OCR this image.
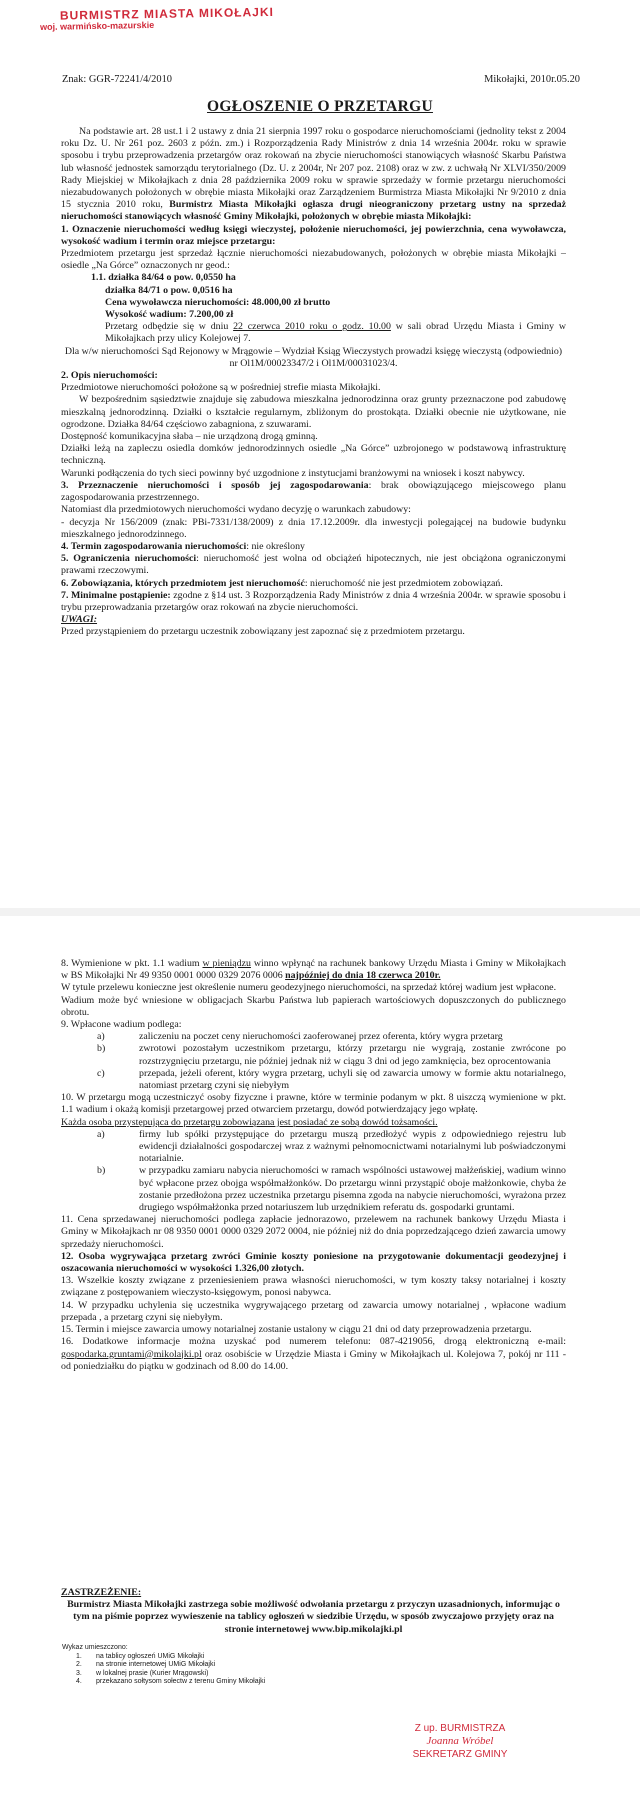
BURMISTRZ MIASTA MIKOŁAJKI
woj. warmińsko-mazurskie
Znak: GGR-72241/4/2010	Mikołajki, 2010r.05.20
OGŁOSZENIE O PRZETARGU

Na podstawie art. 28 ust.1 i 2 ustawy z dnia 21 sierpnia 1997 roku o gospodarce nieruchomościami (jednolity tekst z 2004 roku Dz. U. Nr 261 poz. 2603 z późn. zm.) i Rozporządzenia Rady Ministrów z dnia 14 września 2004r. roku w sprawie sposobu i trybu przeprowadzenia przetargów oraz rokowań na zbycie nieruchomości stanowiących własność Skarbu Państwa lub własność jednostek samorządu terytorialnego (Dz. U. z 2004r, Nr 207 poz. 2108) oraz w zw. z uchwałą Nr XLVI/350/2009 Rady Miejskiej w Mikołajkach z dnia 28 października 2009 roku w sprawie sprzedaży w formie przetargu nieruchomości niezabudowanych położonych w obrębie miasta Mikołajki oraz Zarządzeniem Burmistrza Miasta Mikołajki Nr 9/2010 z dnia 15 stycznia 2010 roku, Burmistrz Miasta Mikołajki ogłasza drugi nieograniczony przetarg ustny na sprzedaż nieruchomości stanowiących własność Gminy Mikołajki, położonych w obrębie miasta Mikołajki:

1. Oznaczenie nieruchomości według księgi wieczystej, położenie nieruchomości, jej powierzchnia, cena wywoławcza, wysokość wadium i termin oraz miejsce przetargu:

Przedmiotem przetargu jest sprzedaż łącznie nieruchomości niezabudowanych, położonych w obrębie miasta Mikołajki – osiedle „Na Górce” oznaczonych nr geod.:

1.1. działka 84/64 o pow. 0,0550 ha

działka 84/71 o pow. 0,0516 ha

Cena wywoławcza nieruchomości: 48.000,00 zł brutto

Wysokość wadium: 7.200,00 zł

Przetarg odbędzie się w dniu 22 czerwca 2010 roku o godz. 10.00 w sali obrad Urzędu Miasta i Gminy w Mikołajkach przy ulicy Kolejowej 7.

Dla w/w nieruchomości Sąd Rejonowy w Mrągowie – Wydział Ksiąg Wieczystych prowadzi księgę wieczystą (odpowiednio) nr Ol1M/00023347/2 i Ol1M/00031023/4.

2. Opis nieruchomości:

Przedmiotowe nieruchomości położone są w pośredniej strefie miasta Mikołajki.

W bezpośrednim sąsiedztwie znajduje się zabudowa mieszkalna jednorodzinna oraz grunty przeznaczone pod zabudowę mieszkalną jednorodzinną. Działki o kształcie regularnym, zbliżonym do prostokąta. Działki obecnie nie użytkowane, nie ogrodzone. Działka 84/64 częściowo zabagniona, z szuwarami.

Dostępność komunikacyjna słaba – nie urządzoną drogą gminną.

Działki leżą na zapleczu osiedla domków jednorodzinnych osiedle „Na Górce” uzbrojonego w podstawową infrastrukturę techniczną.

Warunki podłączenia do tych sieci powinny być uzgodnione z instytucjami branżowymi na wniosek i koszt nabywcy.

3. Przeznaczenie nieruchomości i sposób jej zagospodarowania: brak obowiązującego miejscowego planu zagospodarowania przestrzennego.

Natomiast dla przedmiotowych nieruchomości wydano decyzję o warunkach zabudowy:

- decyzja Nr 156/2009 (znak: PBi-7331/138/2009) z dnia 17.12.2009r. dla inwestycji polegającej na budowie budynku mieszkalnego jednorodzinnego.

4. Termin zagospodarowania nieruchomości: nie określony

5. Ograniczenia nieruchomości: nieruchomość jest wolna od obciążeń hipotecznych, nie jest obciążona ograniczonymi prawami rzeczowymi.

6. Zobowiązania, których przedmiotem jest nieruchomość: nieruchomość nie jest przedmiotem zobowiązań.

7. Minimalne postąpienie: zgodne z §14 ust. 3 Rozporządzenia Rady Ministrów z dnia 4 września 2004r. w sprawie sposobu i trybu przeprowadzania przetargów oraz rokowań na zbycie nieruchomości.

UWAGI:

Przed przystąpieniem do przetargu uczestnik zobowiązany jest zapoznać się z przedmiotem przetargu.

8. Wymienione w pkt. 1.1 wadium w pieniądzu winno wpłynąć na rachunek bankowy Urzędu Miasta i Gminy w Mikołajkach w BS Mikołajki Nr 49 9350 0001 0000 0329 2076 0006 najpóźniej do dnia 18 czerwca 2010r.

W tytule przelewu konieczne jest określenie numeru geodezyjnego nieruchomości, na sprzedaż której wadium jest wpłacone.

Wadium może być wniesione w obligacjach Skarbu Państwa lub papierach wartościowych dopuszczonych do publicznego obrotu.

9. Wpłacone wadium podlega:

a)	zaliczeniu na poczet ceny nieruchomości zaoferowanej przez oferenta, który wygra przetarg
b)	zwrotowi pozostałym uczestnikom przetargu, którzy przetargu nie wygrają, zostanie zwrócone po rozstrzygnięciu przetargu, nie później jednak niż w ciągu 3 dni od jego zamknięcia, bez oprocentowania
c)	przepada, jeżeli oferent, który wygra przetarg, uchyli się od zawarcia umowy w formie aktu notarialnego, natomiast przetarg czyni się niebyłym

10. W przetargu mogą uczestniczyć osoby fizyczne i prawne, które w terminie podanym w pkt. 8 uiszczą wymienione w pkt. 1.1 wadium i okażą komisji przetargowej przed otwarciem przetargu, dowód potwierdzający jego wpłatę.

Każda osoba przystępująca do przetargu zobowiązana jest posiadać ze sobą dowód tożsamości.

a)	firmy lub spółki przystępujące do przetargu muszą przedłożyć wypis z odpowiedniego rejestru lub ewidencji działalności gospodarczej wraz z ważnymi pełnomocnictwami notarialnymi lub poświadczonymi notarialnie.
b)	w przypadku zamiaru nabycia nieruchomości w ramach wspólności ustawowej małżeńskiej, wadium winno być wpłacone przez obojga współmałżonków. Do przetargu winni przystąpić oboje małżonkowie, chyba że zostanie przedłożona przez uczestnika przetargu pisemna zgoda na nabycie nieruchomości, wyrażona przez drugiego współmałżonka przed notariuszem lub urzędnikiem referatu ds. gospodarki gruntami.

11. Cena sprzedawanej nieruchomości podlega zapłacie jednorazowo, przelewem na rachunek bankowy Urzędu Miasta i Gminy w Mikołajkach nr 08 9350 0001 0000 0329 2072 0004, nie później niż do dnia poprzedzającego dzień zawarcia umowy sprzedaży nieruchomości.

12. Osoba wygrywająca przetarg zwróci Gminie koszty poniesione na przygotowanie dokumentacji geodezyjnej i oszacowania nieruchomości w wysokości 1.326,00 złotych.

13. Wszelkie koszty związane z przeniesieniem prawa własności nieruchomości, w tym koszty taksy notarialnej i koszty związane z postępowaniem wieczysto-księgowym, ponosi nabywca.

14. W przypadku uchylenia się uczestnika wygrywającego przetarg od zawarcia umowy notarialnej , wpłacone wadium przepada , a przetarg czyni się niebyłym.

15. Termin i miejsce zawarcia umowy notarialnej zostanie ustalony w ciągu 21 dni od daty przeprowadzenia przetargu.

16. Dodatkowe informacje można uzyskać pod numerem telefonu: 087-4219056, drogą elektroniczną e-mail: gospodarka.gruntami@mikolajki.pl oraz osobiście w Urzędzie Miasta i Gminy w Mikołajkach ul. Kolejowa 7, pokój nr 111 - od poniedziałku do piątku w godzinach od 8.00 do 14.00.

ZASTRZEŻENIE:

Burmistrz Miasta Mikołajki zastrzega sobie możliwość odwołania przetargu z przyczyn uzasadnionych, informując o tym na piśmie poprzez wywieszenie na tablicy ogłoszeń w siedzibie Urzędu, w sposób zwyczajowo przyjęty oraz na stronie internetowej www.bip.mikolajki.pl

Wykaz umieszczono:
1.	na tablicy ogłoszeń UMiG Mikołajki
2.	na stronie internetowej UMiG Mikołajki
3.	w lokalnej prasie (Kurier Mrągowski)
4.	przekazano sołtysom sołectw z terenu Gminy Mikołajki
Z up. BURMISTRZA
Joanna Wróbel
SEKRETARZ GMINY
